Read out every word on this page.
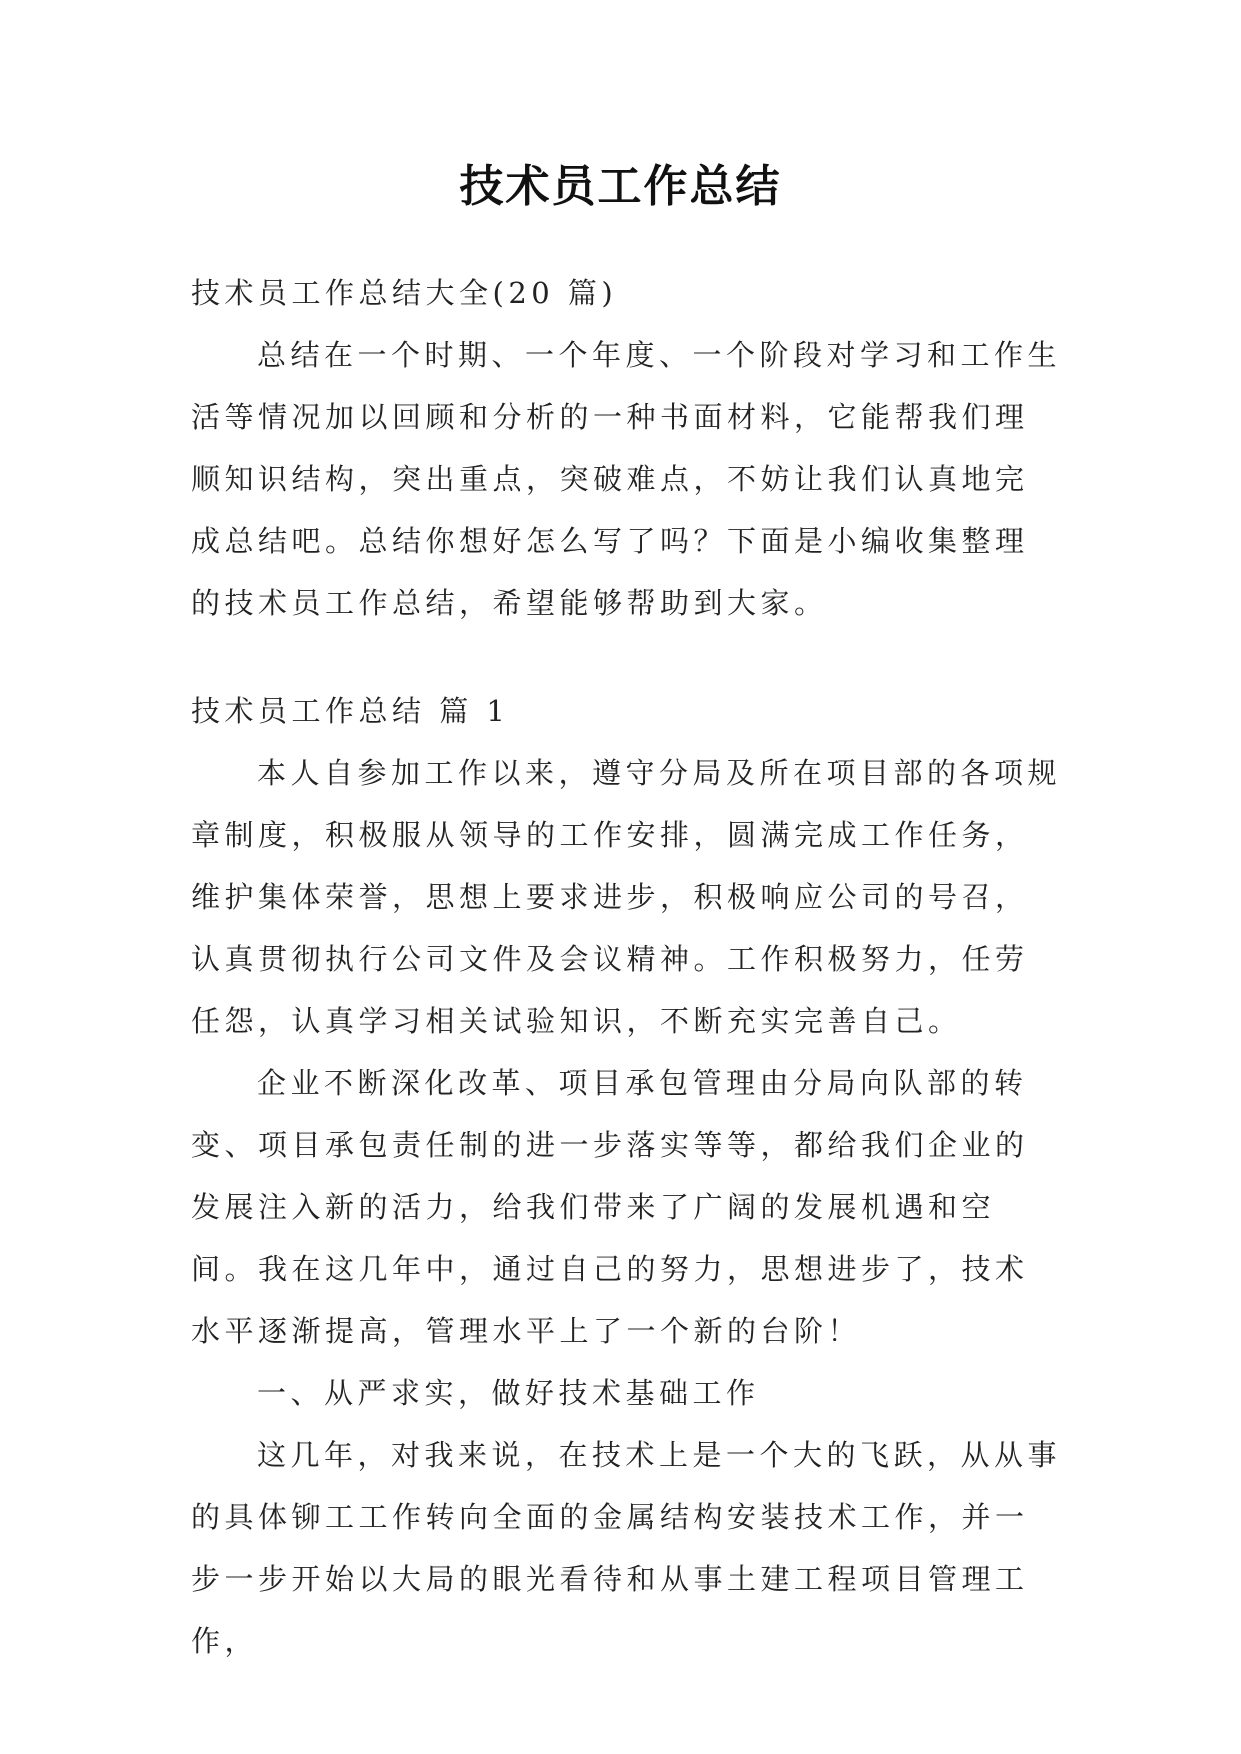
技术员工作总结

技术员工作总结大全(20 篇)

总结在一个时期、一个年度、一个阶段对学习和工作生活等情况加以回顾和分析的一种书面材料，它能帮我们理顺知识结构，突出重点，突破难点，不妨让我们认真地完成总结吧。总结你想好怎么写了吗？下面是小编收集整理的技术员工作总结，希望能够帮助到大家。

技术员工作总结 篇 1

本人自参加工作以来，遵守分局及所在项目部的各项规章制度，积极服从领导的工作安排，圆满完成工作任务，维护集体荣誉，思想上要求进步，积极响应公司的号召，认真贯彻执行公司文件及会议精神。工作积极努力，任劳任怨，认真学习相关试验知识，不断充实完善自己。

企业不断深化改革、项目承包管理由分局向队部的转变、项目承包责任制的进一步落实等等，都给我们企业的发展注入新的活力，给我们带来了广阔的发展机遇和空间。我在这几年中，通过自己的努力，思想进步了，技术水平逐渐提高，管理水平上了一个新的台阶！

一、从严求实，做好技术基础工作

这几年，对我来说，在技术上是一个大的飞跃，从从事的具体铆工工作转向全面的金属结构安装技术工作，并一步一步开始以大局的眼光看待和从事土建工程项目管理工作，
